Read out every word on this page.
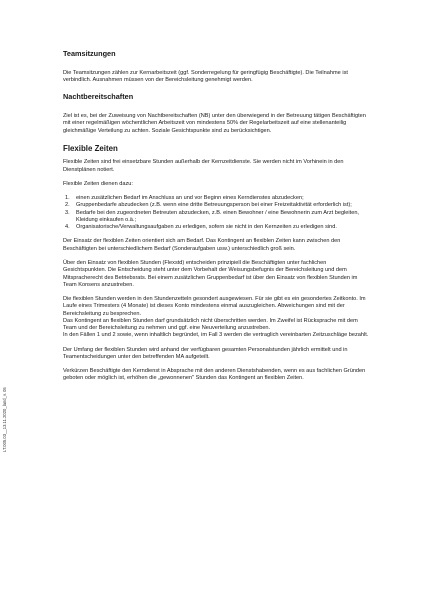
LT.005.03__13.11.2020_land_v. 05
Teamsitzungen

Die Teamsitzungen zählen zur Kernarbeitszeit (ggf. Sonderregelung für geringfügig Beschäftigte). Die Teilnahme ist verbindlich. Ausnahmen müssen von der Bereichsleitung genehmigt werden.

Nachtbereitschaften

Ziel ist es, bei der Zuweisung von Nachtbereitschaften (NB) unter den überwiegend in der Betreuung tätigen Beschäftigten mit einer regelmäßigen wöchentlichen Arbeitszeit von mindestens 50% der Regelarbeitszeit auf eine stellenanteilig gleichmäßige Verteilung zu achten. Soziale Gesichtspunkte sind zu berücksichtigen.

Flexible Zeiten

Flexible Zeiten sind frei einsetzbare Stunden außerhalb der Kernzeitdienste. Sie werden nicht im Vorhinein in den Dienstplänen notiert.

Flexible Zeiten dienen dazu:

1. einen zusätzlichen Bedarf im Anschluss an und vor Beginn eines Kerndienstes abzudecken;
2. Gruppenbedarfe abzudecken (z.B. wenn eine dritte Betreuungsperson bei einer Freizeitaktivität erforderlich ist);
3. Bedarfe bei den zugeordneten Betreuten abzudecken, z.B. einen Bewohner / eine Bewohnerin zum Arzt begleiten, Kleidung einkaufen o.ä.;
4. Organisatorische/Verwaltungsaufgaben zu erledigen, sofern sie nicht in den Kernzeiten zu erledigen sind.

Der Einsatz der flexiblen Zeiten orientiert sich am Bedarf. Das Kontingent an flexiblen Zeiten kann zwischen den Beschäftigten bei unterschiedlichem Bedarf (Sonderaufgaben usw.) unterschiedlich groß sein.

Über den Einsatz von flexiblen Stunden (Flexstd) entscheiden prinzipiell die Beschäftigten unter fachlichen Gesichtspunkten. Die Entscheidung steht unter dem Vorbehalt der Weisungsbefugnis der Bereichsleitung und dem Mitspracherecht des Betriebsrats. Bei einem zusätzlichen Gruppenbedarf ist über den Einsatz von flexiblen Stunden im Team Konsens anzustreben.

Die flexiblen Stunden werden in den Stundenzetteln gesondert ausgewiesen. Für sie gibt es ein gesondertes Zeitkonto. Im Laufe eines Trimesters (4 Monate) ist dieses Konto mindestens einmal auszugleichen. Abweichungen sind mit der Bereichsleitung zu besprechen.
Das Kontingent an flexiblen Stunden darf grundsätzlich nicht überschritten werden. Im Zweifel ist Rücksprache mit dem Team und der Bereichsleitung zu nehmen und ggf. eine Neuverteilung anzustreben.
In den Fällen 1 und 2 sowie, wenn inhaltlich begründet, im Fall 3 werden die vertraglich vereinbarten Zeitzuschläge bezahlt.

Der Umfang der flexiblen Stunden wird anhand der verfügbaren gesamten Personalstunden jährlich ermittelt und in Teamentscheidungen unter den betreffenden MA aufgeteilt.

Verkürzen Beschäftigte den Kerndienst in Absprache mit den anderen Dienstshabenden, wenn es aus fachlichen Gründen geboten oder möglich ist, erhöhen die „gewonnenen" Stunden das Kontingent an flexiblen Zeiten.
